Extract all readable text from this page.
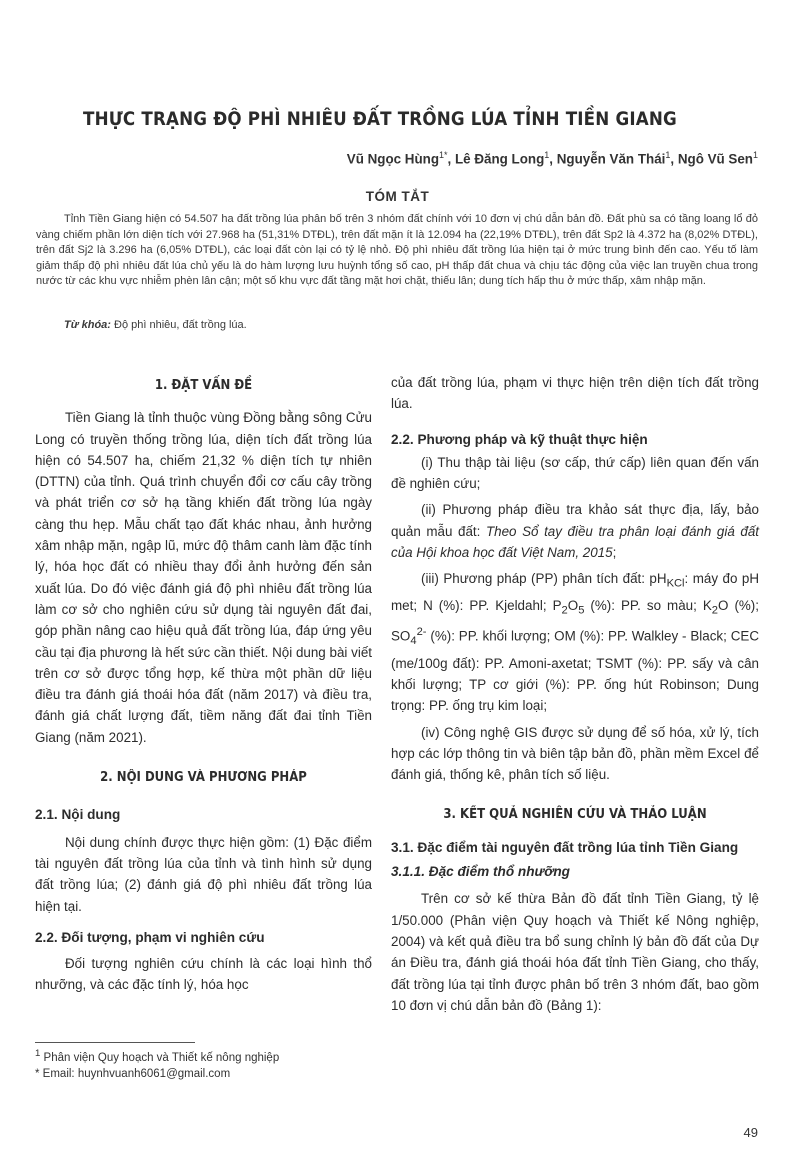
THỰC TRẠNG ĐỘ PHÌ NHIÊU ĐẤT TRỒNG LÚA TỈNH TIỀN GIANG
Vũ Ngọc Hùng$^{1*}$, Lê Đăng Long$^1$, Nguyễn Văn Thái$^1$, Ngô Vũ Sen$^1$
TÓM TẮT

Tỉnh Tiền Giang hiện có 54.507 ha đất trồng lúa phân bố trên 3 nhóm đất chính với 10 đơn vị chú dẫn bản đồ. Đất phù sa có tầng loang lổ đỏ vàng chiếm phần lớn diện tích với 27.968 ha (51,31% DTĐL), trên đất mặn ít là 12.094 ha (22,19% DTĐL), trên đất Sp2 là 4.372 ha (8,02% DTĐL), trên đất Sj2 là 3.296 ha (6,05% DTĐL), các loại đất còn lại có tỷ lệ nhỏ. Độ phì nhiêu đất trồng lúa hiện tại ở mức trung bình đến cao. Yếu tố làm giảm thấp độ phì nhiêu đất lúa chủ yếu là do hàm lượng lưu huỳnh tổng số cao, pH thấp đất chua và chịu tác động của việc lan truyền chua trong nước từ các khu vực nhiễm phèn lân cận; một số khu vực đất tầng mặt hơi chặt, thiếu lân; dung tích hấp thu ở mức thấp, xâm nhập mặn.

Từ khóa: Độ phì nhiêu, đất trồng lúa.
1. ĐẶT VẤN ĐỀ

Tiền Giang là tỉnh thuộc vùng Đồng bằng sông Cửu Long có truyền thống trồng lúa, diện tích đất trồng lúa hiện có 54.507 ha, chiếm 21,32 % diện tích tự nhiên (DTTN) của tỉnh. Quá trình chuyển đổi cơ cấu cây trồng và phát triển cơ sở hạ tầng khiến đất trồng lúa ngày càng thu hẹp. Mẫu chất tạo đất khác nhau, ảnh hưởng xâm nhập mặn, ngập lũ, mức độ thâm canh làm đặc tính lý, hóa học đất có nhiều thay đổi ảnh hưởng đến sản xuất lúa. Do đó việc đánh giá độ phì nhiêu đất trồng lúa làm cơ sở cho nghiên cứu sử dụng tài nguyên đất đai, góp phần nâng cao hiệu quả đất trồng lúa, đáp ứng yêu cầu tại địa phương là hết sức cần thiết. Nội dung bài viết trên cơ sở được tổng hợp, kế thừa một phần dữ liệu điều tra đánh giá thoái hóa đất (năm 2017) và điều tra, đánh giá chất lượng đất, tiềm năng đất đai tỉnh Tiền Giang (năm 2021).

2. NỘI DUNG VÀ PHƯƠNG PHÁP
2.1. Nội dung

Nội dung chính được thực hiện gồm: (1) Đặc điểm tài nguyên đất trồng lúa của tỉnh và tình hình sử dụng đất trồng lúa; (2) đánh giá độ phì nhiêu đất trồng lúa hiện tại.

2.2. Đối tượng, phạm vi nghiên cứu

Đối tượng nghiên cứu chính là các loại hình thổ nhưỡng, và các đặc tính lý, hóa học

của đất trồng lúa, phạm vi thực hiện trên diện tích đất trồng lúa.

2.2. Phương pháp và kỹ thuật thực hiện

(i) Thu thập tài liệu (sơ cấp, thứ cấp) liên quan đến vấn đề nghiên cứu;

(ii) Phương pháp điều tra khảo sát thực địa, lấy, bảo quản mẫu đất: Theo Sổ tay điều tra phân loại đánh giá đất của Hội khoa học đất Việt Nam, 2015;

(iii) Phương pháp (PP) phân tích đất: $pH_{KCl}$: máy đo pH met; N (%): PP. Kjeldahl; $P_2O_5$ (%): PP. so màu; $K_2O$ (%); $SO_4^{2-}$ (%): PP. khối lượng; OM (%): PP. Walkley - Black; CEC (me/100g đất): PP. Amoni-axetat; TSMT (%): PP. sấy và cân khối lượng; TP cơ giới (%): PP. ống hút Robinson; Dung trọng: PP. ống trụ kim loại;

(iv) Công nghệ GIS được sử dụng để số hóa, xử lý, tích hợp các lớp thông tin và biên tập bản đồ, phần mềm Excel để đánh giá, thống kê, phân tích số liệu.

3. KẾT QUẢ NGHIÊN CỨU VÀ THẢO LUẬN
3.1. Đặc điểm tài nguyên đất trồng lúa tỉnh Tiền Giang
3.1.1. Đặc điểm thổ nhưỡng

Trên cơ sở kế thừa Bản đồ đất tỉnh Tiền Giang, tỷ lệ 1/50.000 (Phân viện Quy hoạch và Thiết kế Nông nghiệp, 2004) và kết quả điều tra bổ sung chỉnh lý bản đồ đất của Dự án Điều tra, đánh giá thoái hóa đất tỉnh Tiền Giang, cho thấy, đất trồng lúa tại tỉnh được phân bố trên 3 nhóm đất, bao gồm 10 đơn vị chú dẫn bản đồ (Bảng 1):

$^1$ Phân viện Quy hoạch và Thiết kế nông nghiệp
* Email: huynhvuanh6061@gmail.com
49
